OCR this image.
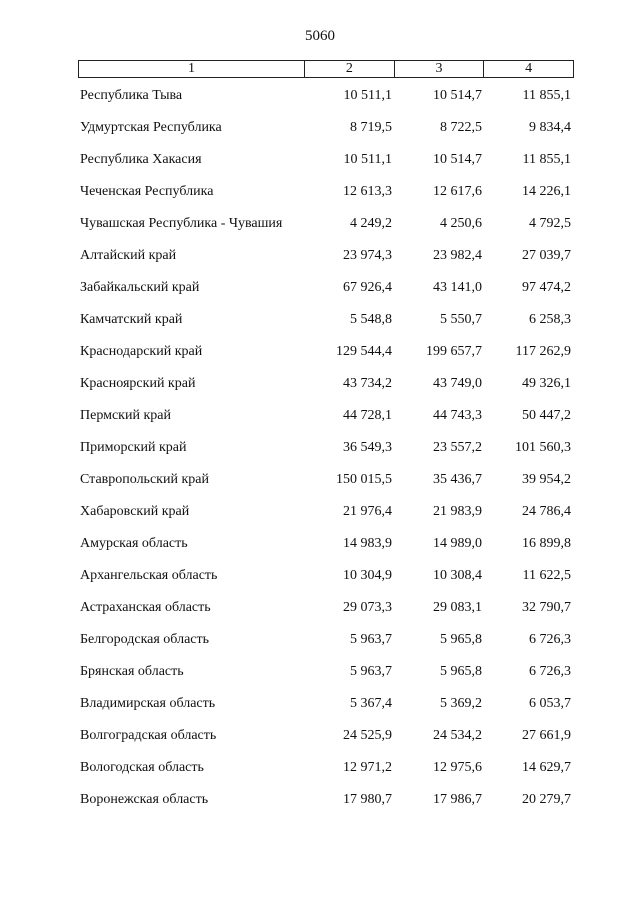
5060
1	2	3	4
Республика Тыва	10 511,1	10 514,7	11 855,1
Удмуртская Республика	8 719,5	8 722,5	9 834,4
Республика Хакасия	10 511,1	10 514,7	11 855,1
Чеченская Республика	12 613,3	12 617,6	14 226,1
Чувашская Республика - Чувашия	4 249,2	4 250,6	4 792,5
Алтайский край	23 974,3	23 982,4	27 039,7
Забайкальский край	67 926,4	43 141,0	97 474,2
Камчатский край	5 548,8	5 550,7	6 258,3
Краснодарский край	129 544,4	199 657,7	117 262,9
Красноярский край	43 734,2	43 749,0	49 326,1
Пермский край	44 728,1	44 743,3	50 447,2
Приморский край	36 549,3	23 557,2	101 560,3
Ставропольский край	150 015,5	35 436,7	39 954,2
Хабаровский край	21 976,4	21 983,9	24 786,4
Амурская область	14 983,9	14 989,0	16 899,8
Архангельская область	10 304,9	10 308,4	11 622,5
Астраханская область	29 073,3	29 083,1	32 790,7
Белгородская область	5 963,7	5 965,8	6 726,3
Брянская область	5 963,7	5 965,8	6 726,3
Владимирская область	5 367,4	5 369,2	6 053,7
Волгоградская область	24 525,9	24 534,2	27 661,9
Вологодская область	12 971,2	12 975,6	14 629,7
Воронежская область	17 980,7	17 986,7	20 279,7
